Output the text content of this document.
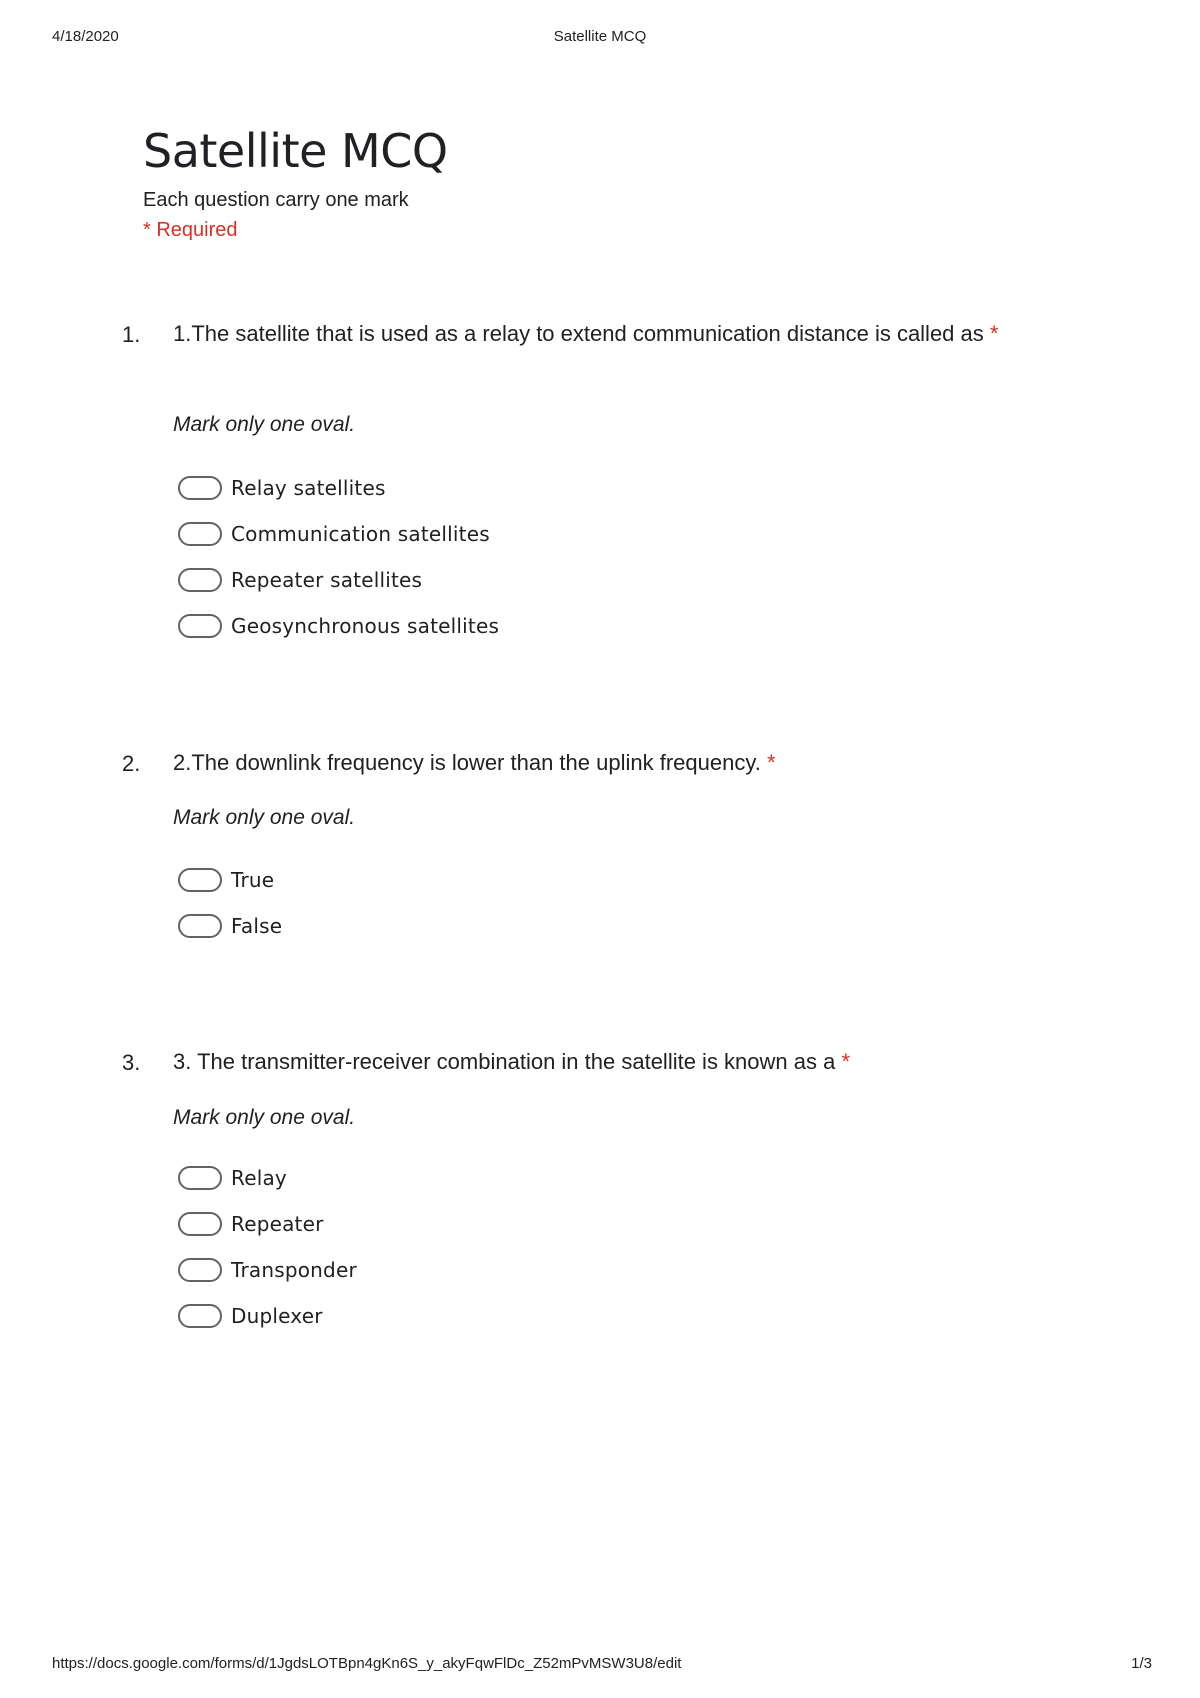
4/18/2020	Satellite MCQ
Satellite MCQ
Each question carry one mark
* Required
1. 1.The satellite that is used as a relay to extend communication distance is called as *
Mark only one oval.
Relay satellites
Communication satellites
Repeater satellites
Geosynchronous satellites
2. 2.The downlink frequency is lower than the uplink frequency. *
Mark only one oval.
True
False
3. 3. The transmitter-receiver combination in the satellite is known as a *
Mark only one oval.
Relay
Repeater
Transponder
Duplexer
https://docs.google.com/forms/d/1JgdsLOTBpn4gKn6S_y_akyFqwFlDc_Z52mPvMSW3U8/edit	1/3
